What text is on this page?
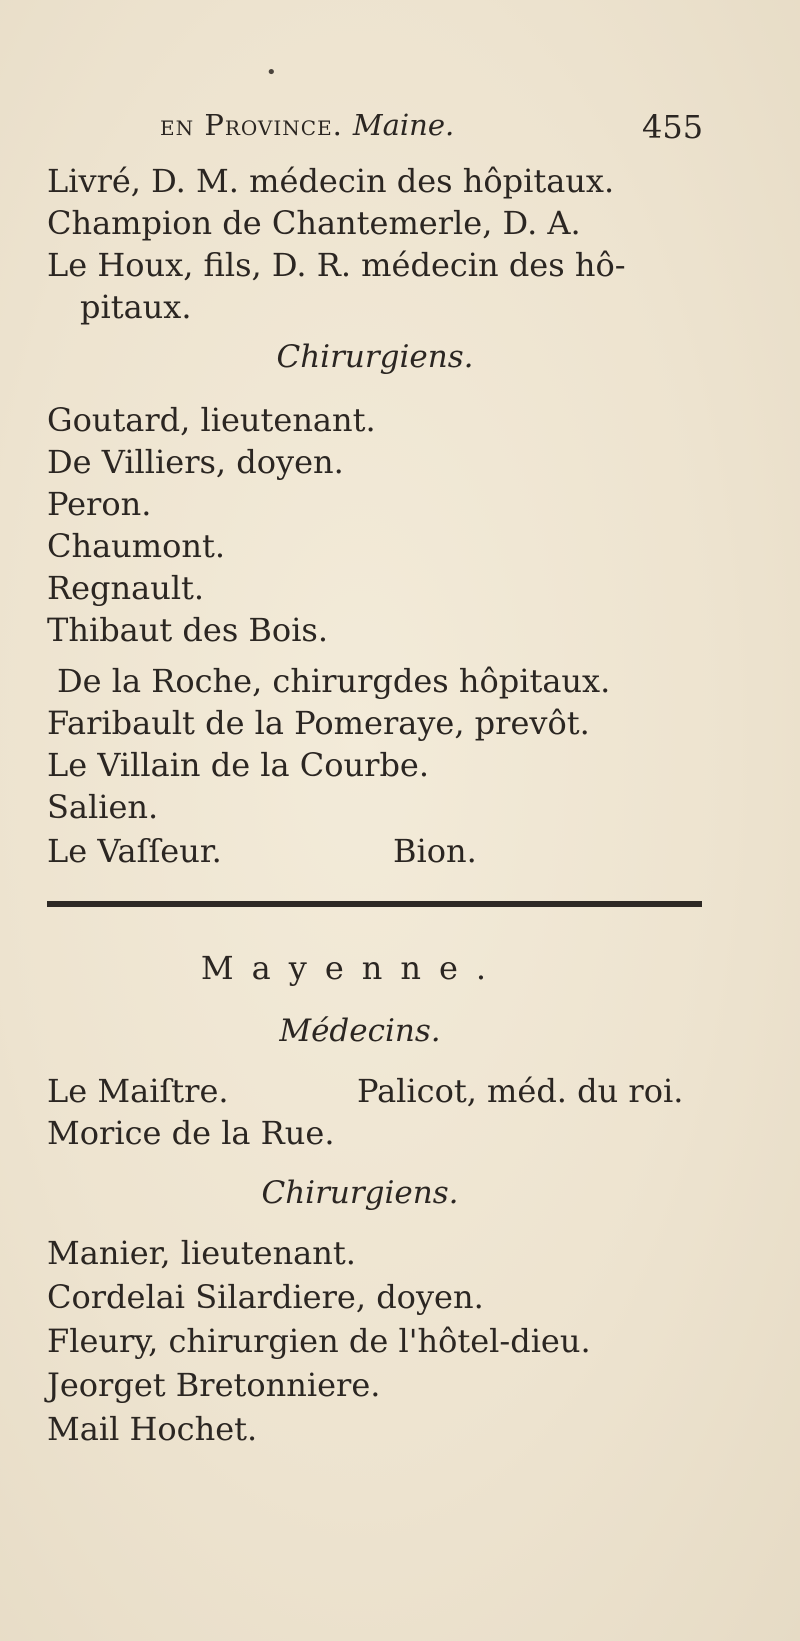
•
en Province. Maine.	455
Livré, D. M. médecin des hôpitaux.
Champion de Chantemerle, D. A.
Le Houx, fils, D. R. médecin des hô-
pitaux.
Chirurgiens.
Goutard, lieutenant.
De Villiers, doyen.
Peron.
Chaumont.
Regnault.
Thibaut des Bois.
De la Roche, chirurgdes hôpitaux.
Faribault de la Pomeraye, prevôt.
Le Villain de la Courbe.
Salien.
Le Vaſſeur.	Bion.
Mayenne.
Médecins.
Le Maiſtre.	Palicot, méd. du roi.
Morice de la Rue.
Chirurgiens.
Manier, lieutenant.
Cordelai Silardiere, doyen.
Fleury, chirurgien de l'hôtel-dieu.
Jeorget Bretonniere.
Mail Hochet.
